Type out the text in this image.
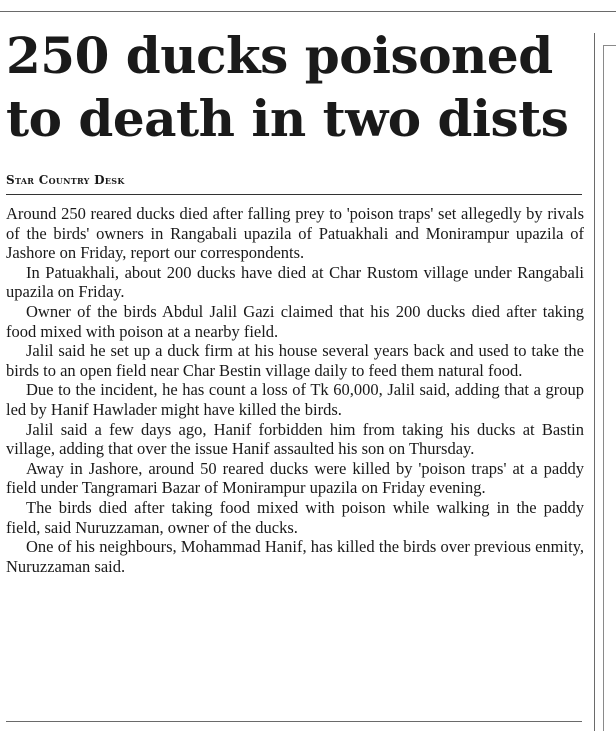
250 ducks poisoned to death in two dists
Star Country Desk

Around 250 reared ducks died after falling prey to 'poison traps' set allegedly by rivals of the birds' owners in Rangabali upazila of Patuakhali and Monirampur upazila of Jashore on Friday, report our correspondents.

In Patuakhali, about 200 ducks have died at Char Rustom village under Rangabali upazila on Friday.

Owner of the birds Abdul Jalil Gazi claimed that his 200 ducks died after taking food mixed with poison at a nearby field.

Jalil said he set up a duck firm at his house several years back and used to take the birds to an open field near Char Bestin village daily to feed them natural food.

Due to the incident, he has count a loss of Tk 60,000, Jalil said, adding that a group led by Hanif Hawlader might have killed the birds.

Jalil said a few days ago, Hanif forbidden him from taking his ducks at Bastin village, adding that over the issue Hanif assaulted his son on Thursday.

Away in Jashore, around 50 reared ducks were killed by 'poison traps' at a paddy field under Tangramari Bazar of Monirampur upazila on Friday evening.

The birds died after taking food mixed with poison while walking in the paddy field, said Nuruzzaman, owner of the ducks.

One of his neighbours, Mohammad Hanif, has killed the birds over previous enmity, Nuruzzaman said.
